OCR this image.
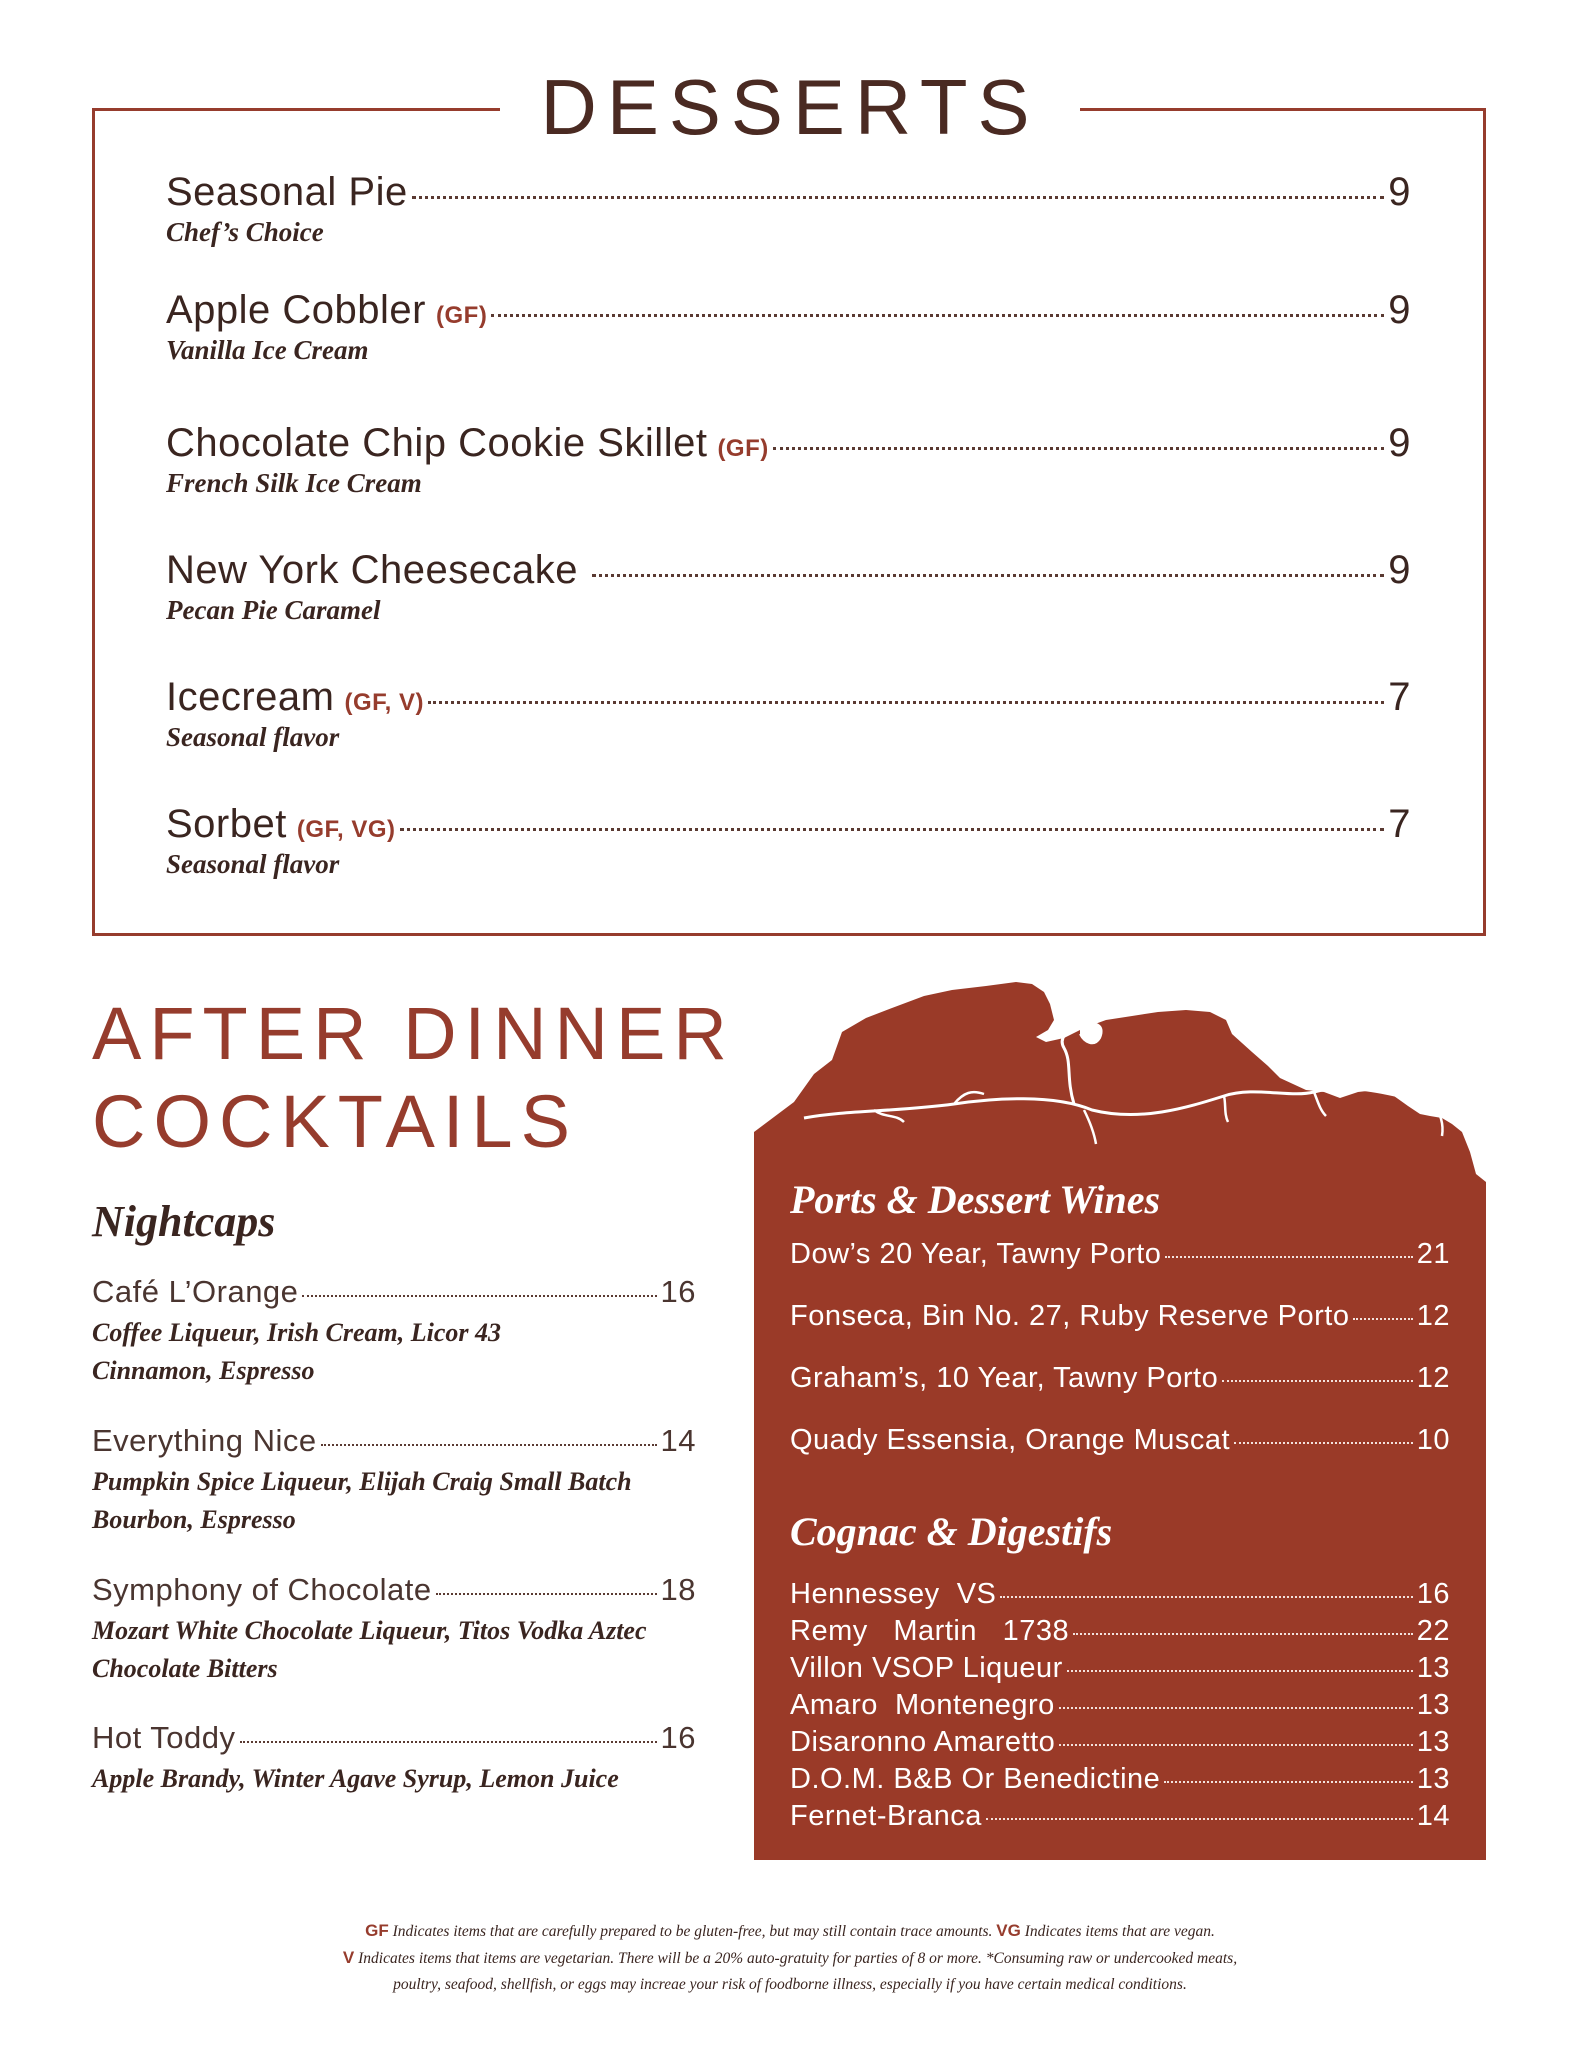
DESSERTS
Seasonal Pie	9
Chef’s Choice
Apple Cobbler (GF)	9
Vanilla Ice Cream
Chocolate Chip Cookie Skillet (GF)	9
French Silk Ice Cream
New York Cheesecake	9
Pecan Pie Caramel
Icecream (GF, V)	7
Seasonal flavor
Sorbet (GF, VG)	7
Seasonal flavor
AFTER DINNER
COCKTAILS
Nightcaps
Café L’Orange	16
Coffee Liqueur, Irish Cream, Licor 43
Cinnamon, Espresso
Everything Nice	14
Pumpkin Spice Liqueur, Elijah Craig Small Batch
Bourbon, Espresso
Symphony of Chocolate	18
Mozart White Chocolate Liqueur, Titos Vodka Aztec
Chocolate Bitters
Hot Toddy	16
Apple Brandy, Winter Agave Syrup, Lemon Juice
Ports & Dessert Wines
Dow’s 20 Year, Tawny Porto	21
Fonseca, Bin No. 27, Ruby Reserve Porto 12
Graham’s, 10 Year, Tawny Porto	12
Quady Essensia, Orange Muscat	10
Cognac & Digestifs
Hennessey  VS	16
Remy   Martin   1738	22
Villon VSOP Liqueur	13
Amaro  Montenegro	13
Disaronno Amaretto	13
D.O.M. B&B Or Benedictine	13
Fernet-Branca	14
GF Indicates items that are carefully prepared to be gluten-free, but may still contain trace amounts. VG Indicates items that are vegan.
V Indicates items that items are vegetarian. There will be a 20% auto-gratuity for parties of 8 or more. *Consuming raw or undercooked meats,
poultry, seafood, shellfish, or eggs may increae your risk of foodborne illness, especially if you have certain medical conditions.
